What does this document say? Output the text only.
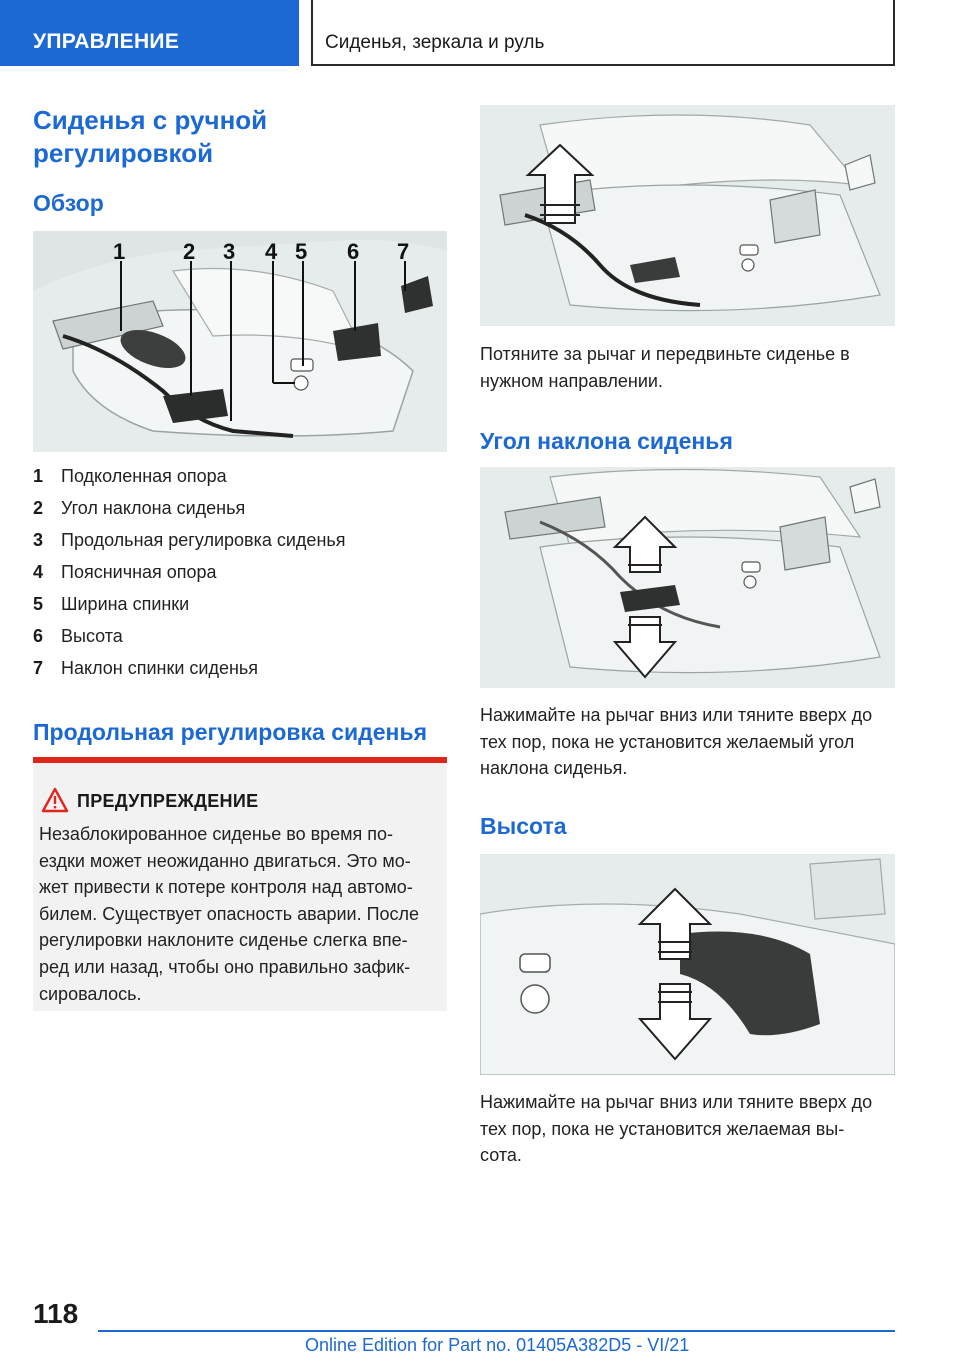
УПРАВЛЕНИЕ	Сиденья, зеркала и руль
Сиденья с ручной регулировкой
Обзор
1	2 3 4 5 6 7
1 Подколенная опора
2 Угол наклона сиденья
3 Продольная регулировка сиденья
4 Поясничная опора
5 Ширина спинки
6 Высота
7 Наклон спинки сиденья
Продольная регулировка сиденья
ПРЕДУПРЕЖДЕНИЕ
Незаблокированное сиденье во время по-
ездки может неожиданно двигаться. Это мо-
жет привести к потере контроля над автомо-
билем. Существует опасность аварии. После
регулировки наклоните сиденье слегка впе-
ред или назад, чтобы оно правильно зафик-
сировалось.
Потяните за рычаг и передвиньте сиденье в
нужном направлении.
Угол наклона сиденья
Нажимайте на рычаг вниз или тяните вверх до
тех пор, пока не установится желаемый угол
наклона сиденья.
Высота
Нажимайте на рычаг вниз или тяните вверх до
тех пор, пока не установится желаемая вы-
сота.
118
Online Edition for Part no. 01405A382D5 - VI/21
